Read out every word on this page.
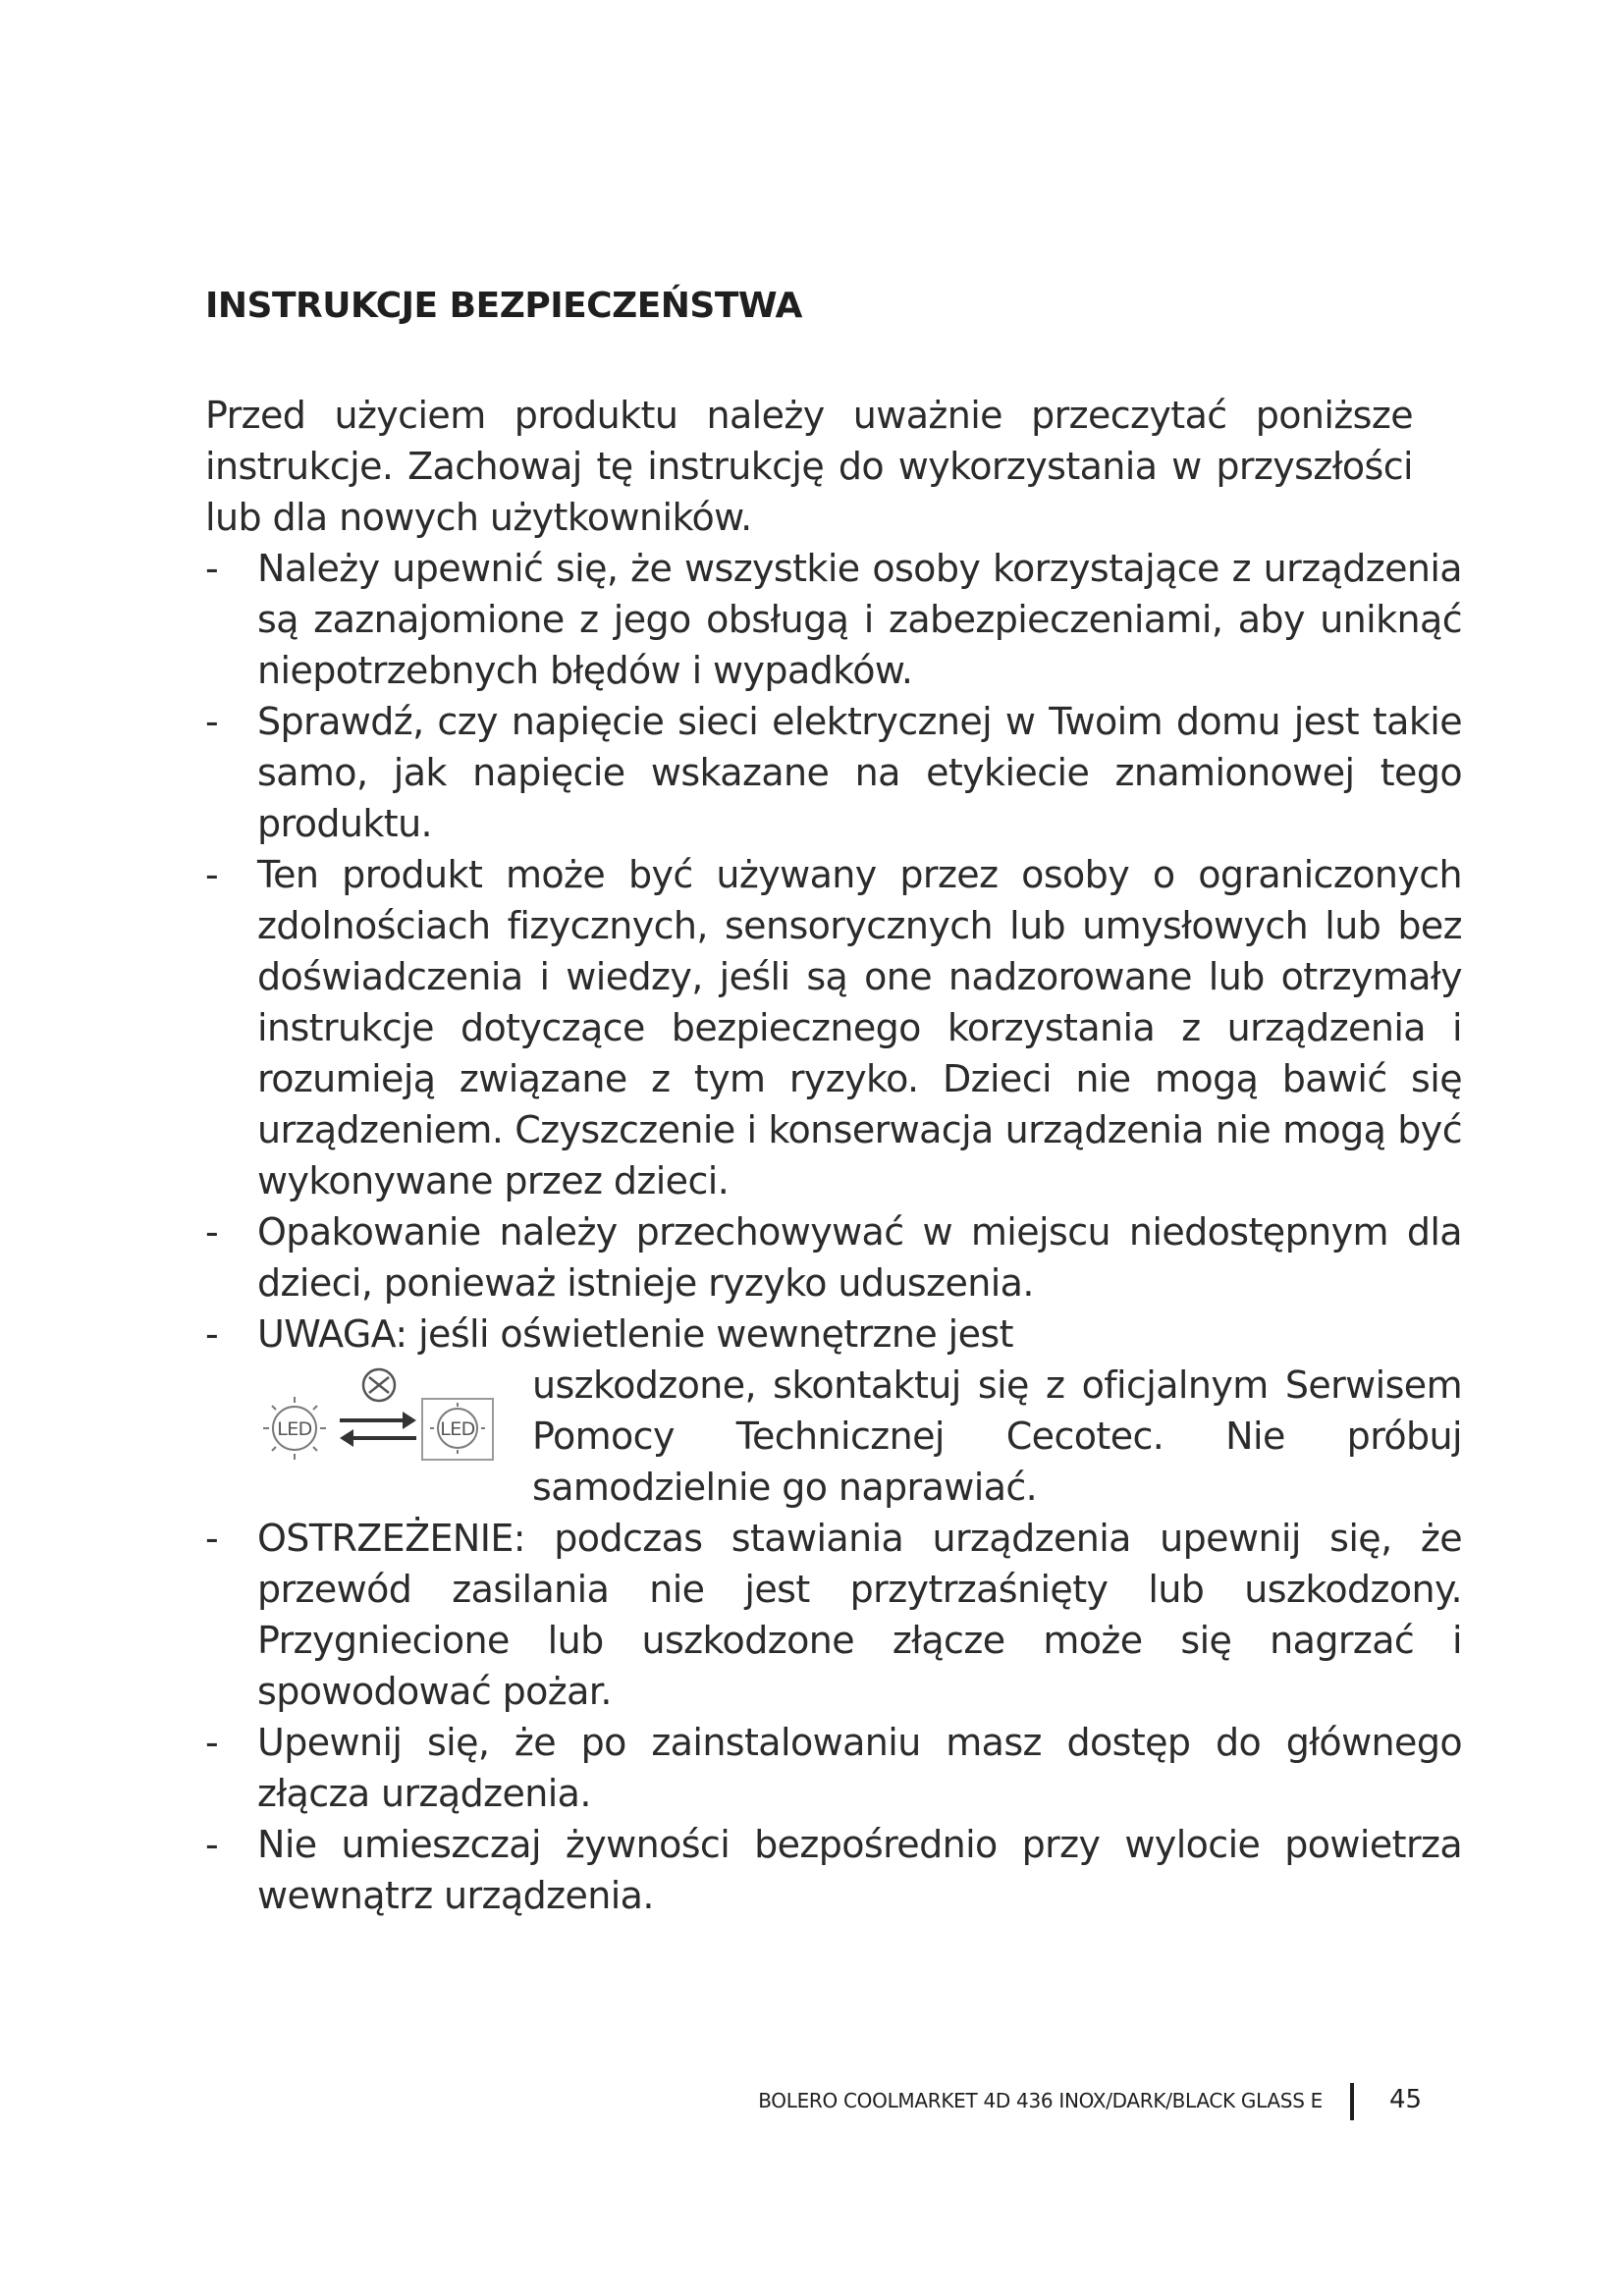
INSTRUKCJE BEZPIECZEŃSTWA

Przed użyciem produktu należy uważnie przeczytać poniższe instrukcje. Zachowaj tę instrukcję do wykorzystania w przyszłości lub dla nowych użytkowników.

- Należy upewnić się, że wszystkie osoby korzystające z urządzenia są zaznajomione z jego obsługą i zabezpieczeniami, aby uniknąć niepotrzebnych błędów i wypadków.
- Sprawdź, czy napięcie sieci elektrycznej w Twoim domu jest takie samo, jak napięcie wskazane na etykiecie znamionowej tego produktu.
- Ten produkt może być używany przez osoby o ograniczonych zdolnościach fizycznych, sensorycznych lub umysłowych lub bez doświadczenia i wiedzy, jeśli są one nadzorowane lub otrzymały instrukcje dotyczące bezpiecznego korzystania z urządzenia i rozumieją związane z tym ryzyko. Dzieci nie mogą bawić się urządzeniem. Czyszczenie i konserwacja urządzenia nie mogą być wykonywane przez dzieci.
- Opakowanie należy przechowywać w miejscu niedostępnym dla dzieci, ponieważ istnieje ryzyko uduszenia.
- UWAGA: jeśli oświetlenie wewnętrzne jest
LED	LED
uszkodzone, skontaktuj się z oficjalnym Serwisem Pomocy Technicznej Cecotec. Nie próbuj samodzielnie go naprawiać.
- OSTRZEŻENIE: podczas stawiania urządzenia upewnij się, że przewód zasilania nie jest przytrzaśnięty lub uszkodzony. Przygniecione lub uszkodzone złącze może się nagrzać i spowodować pożar.
- Upewnij się, że po zainstalowaniu masz dostęp do głównego złącza urządzenia.
- Nie umieszczaj żywności bezpośrednio przy wylocie powietrza wewnątrz urządzenia.
BOLERO COOLMARKET 4D 436 INOX/DARK/BLACK GLASS E	45
